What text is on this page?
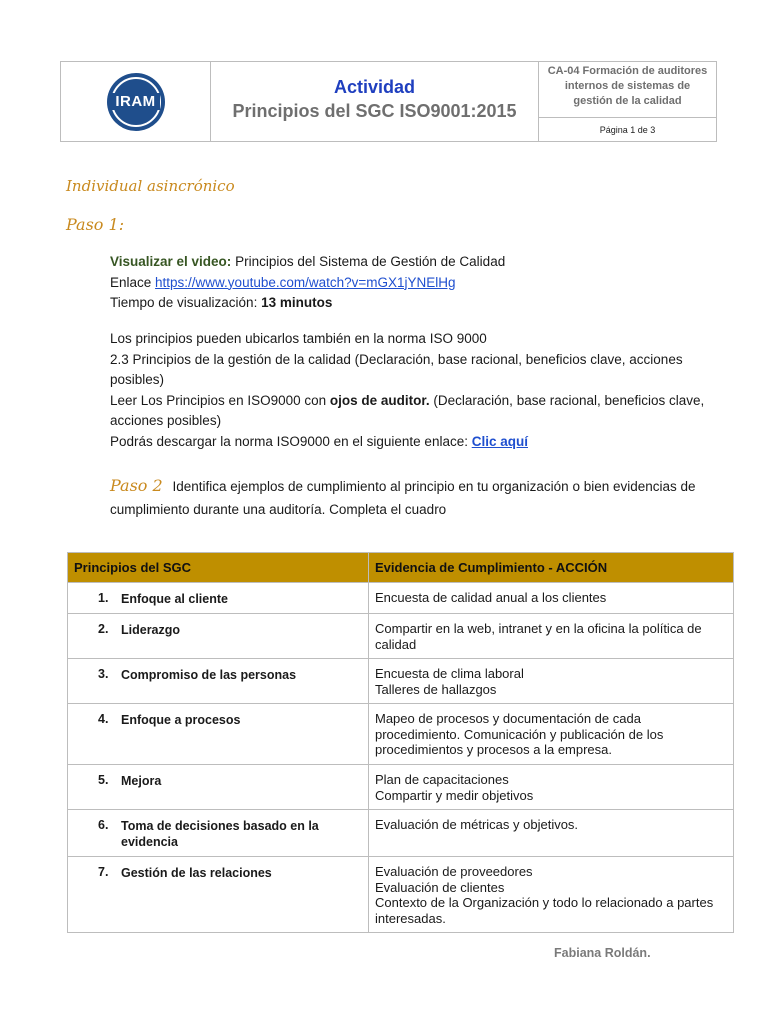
IRAM
Actividad
Principios del SGC ISO9001:2015
CA-04 Formación de auditores
internos de sistemas de
gestión de la calidad
Página 1 de 3
Individual asincrónico
Paso 1:
Visualizar el video: Principios del Sistema de Gestión de Calidad
Enlace https://www.youtube.com/watch?v=mGX1jYNElHg
Tiempo de visualización: 13 minutos
Los principios pueden ubicarlos también en la norma ISO 9000
2.3 Principios de la gestión de la calidad (Declaración, base racional, beneficios clave, acciones posibles)
Leer Los Principios en ISO9000 con ojos de auditor. (Declaración, base racional, beneficios clave, acciones posibles)
Podrás descargar la norma ISO9000 en el siguiente enlace: Clic aquí
Paso 2 Identifica ejemplos de cumplimiento al principio en tu organización o bien evidencias de cumplimiento durante una auditoría. Completa el cuadro
Principios del SGC	Evidencia de Cumplimiento - ACCIÓN
1. Enfoque al cliente	Encuesta de calidad anual a los clientes

2. Liderazgo	Compartir en la web, intranet y en la oficina la política de calidad

3. Compromiso de las personas	Encuesta de clima laboral
Talleres de hallazgos

4. Enfoque a procesos	Mapeo de procesos y documentación de cada procedimiento. Comunicación y publicación de los procedimientos y procesos a la empresa.

5. Mejora	Plan de capacitaciones
Compartir y medir objetivos

6. Toma de decisiones basado en la evidencia	Evaluación de métricas y objetivos.

7. Gestión de las relaciones	Evaluación de proveedores
Evaluación de clientes
Contexto de la Organización y todo lo relacionado a partes interesadas.
Fabiana Roldán.
